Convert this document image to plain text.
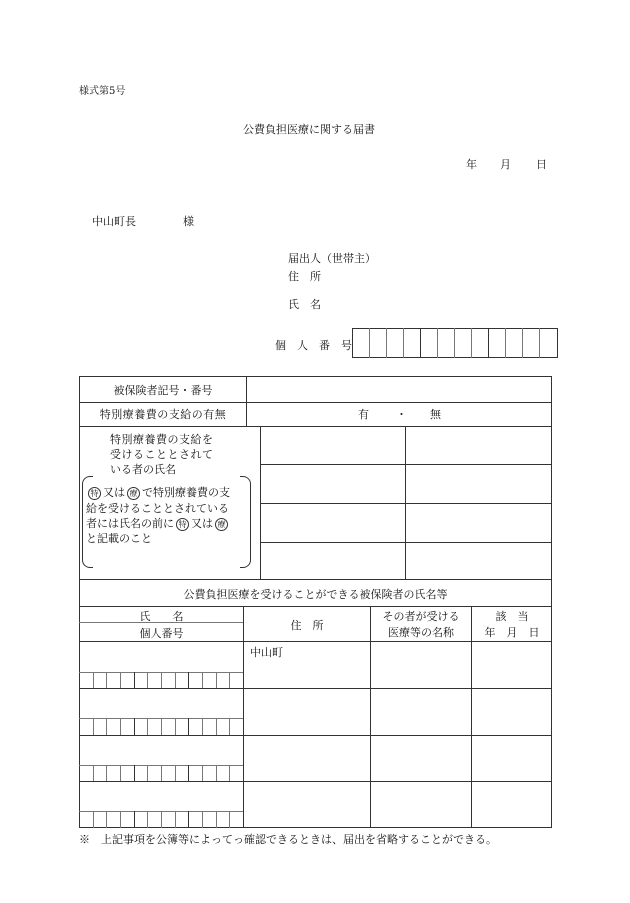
様式第5号
公費負担医療に関する届書
年 月 日
中山町長	様
届出人（世帯主）
住　所
氏　名
個　人　番　号
被保険者記号・番号
特別療養費の支給の有無	有 ・ 無
特別療養費の支給を
受けることとされて
いる者の氏名
特 又は 療 で特別療養費の支
給を受けることとされている
者には氏名の前に 特 又は 療
と記載のこと
公費負担医療を受けることができる被保険者の氏名等
氏　　名
個人番号
住　所
その者が受ける
医療等の名称
該　当
年　月　日
中山町
※　上記事項を公簿等によってっ確認できるときは、届出を省略することができる。
